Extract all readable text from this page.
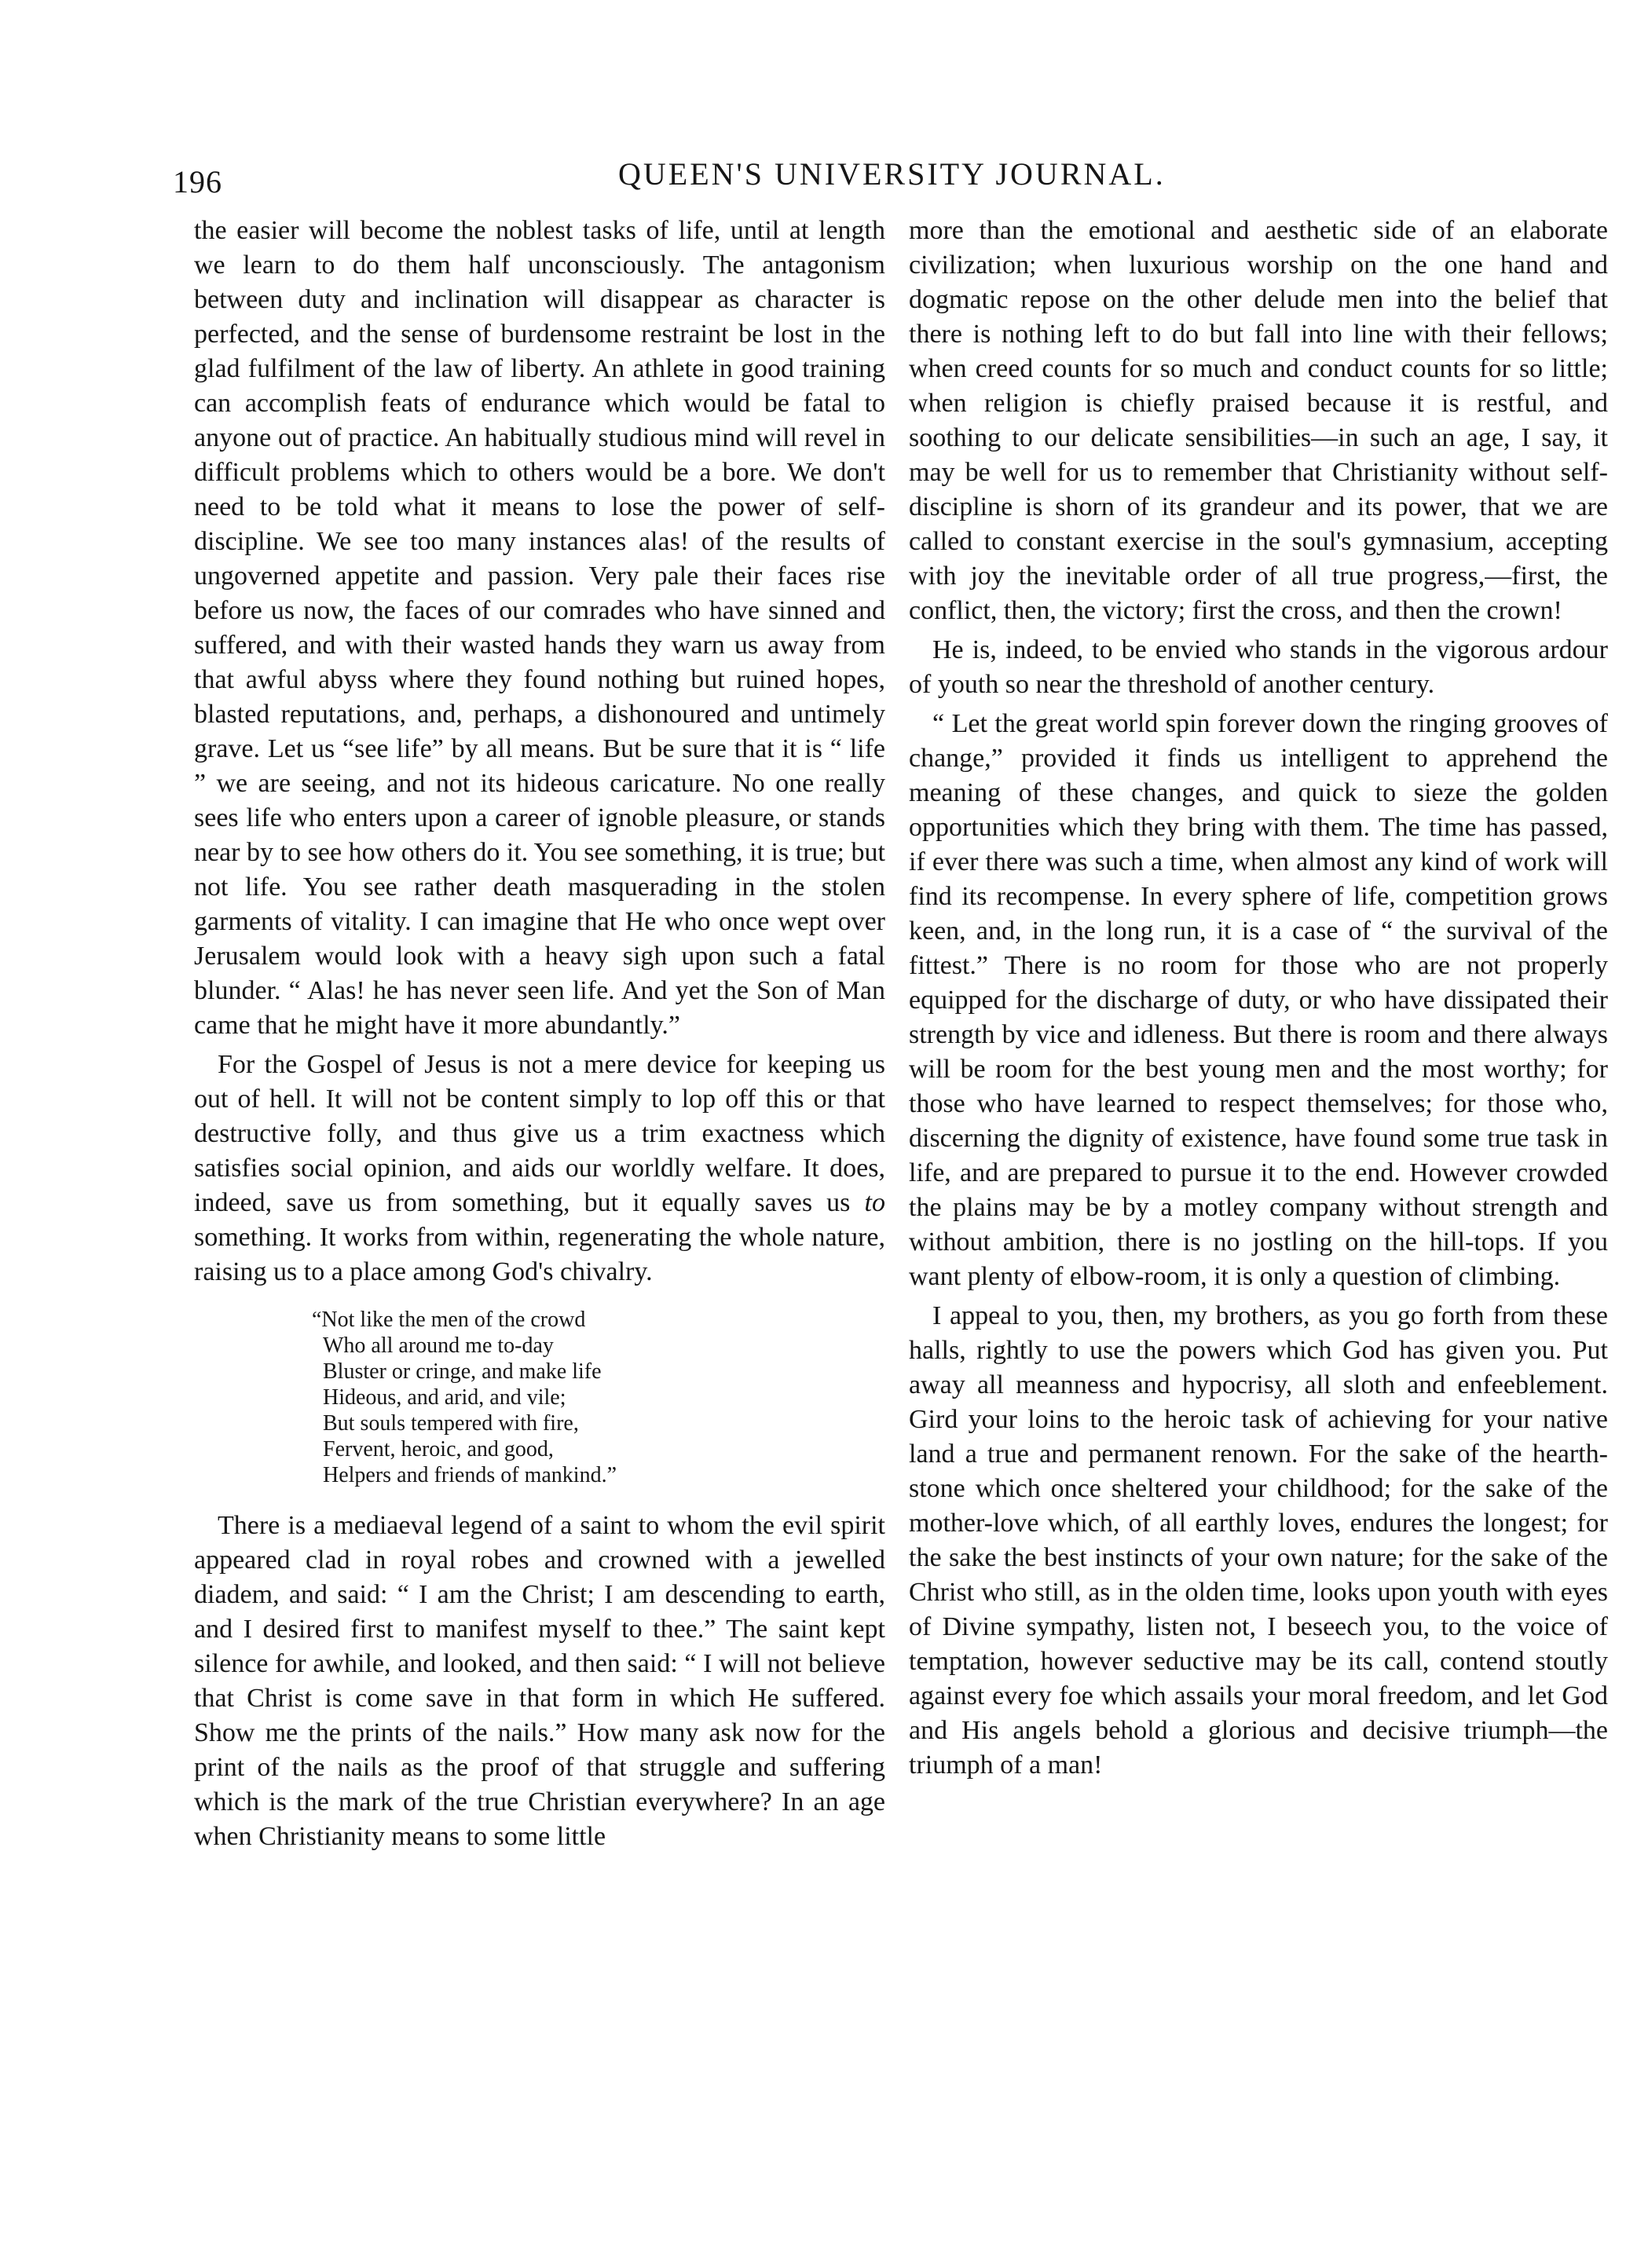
196	QUEEN'S UNIVERSITY JOURNAL.

the easier will become the noblest tasks of life, until at length we learn to do them half unconsciously. The antagonism between duty and inclination will disappear as character is perfected, and the sense of burdensome restraint be lost in the glad fulfilment of the law of liberty. An athlete in good training can accomplish feats of endurance which would be fatal to anyone out of practice. An habitually studious mind will revel in difficult problems which to others would be a bore. We don't need to be told what it means to lose the power of self-discipline. We see too many instances alas! of the results of ungoverned appetite and passion. Very pale their faces rise before us now, the faces of our comrades who have sinned and suffered, and with their wasted hands they warn us away from that awful abyss where they found nothing but ruined hopes, blasted reputations, and, perhaps, a dishonoured and untimely grave. Let us “see life” by all means. But be sure that it is “ life ” we are seeing, and not its hideous caricature. No one really sees life who enters upon a career of ignoble pleasure, or stands near by to see how others do it. You see something, it is true; but not life. You see rather death masquerading in the stolen garments of vitality. I can imagine that He who once wept over Jerusalem would look with a heavy sigh upon such a fatal blunder. “ Alas! he has never seen life. And yet the Son of Man came that he might have it more abundantly.”

For the Gospel of Jesus is not a mere device for keeping us out of hell. It will not be content simply to lop off this or that destructive folly, and thus give us a trim exactness which satisfies social opinion, and aids our worldly welfare. It does, indeed, save us from something, but it equally saves us to something. It works from within, regenerating the whole nature, raising us to a place among God's chivalry.

“Not like the men of the crowd
Who all around me to-day
Bluster or cringe, and make life
Hideous, and arid, and vile;
But souls tempered with fire,
Fervent, heroic, and good,
Helpers and friends of mankind.”

There is a mediaeval legend of a saint to whom the evil spirit appeared clad in royal robes and crowned with a jewelled diadem, and said: “ I am the Christ; I am descending to earth, and I desired first to manifest myself to thee.” The saint kept silence for awhile, and looked, and then said: “ I will not believe that Christ is come save in that form in which He suffered. Show me the prints of the nails.” How many ask now for the print of the nails as the proof of that struggle and suffering which is the mark of the true Christian everywhere? In an age when Christianity means to some little

more than the emotional and aesthetic side of an elaborate civilization; when luxurious worship on the one hand and dogmatic repose on the other delude men into the belief that there is nothing left to do but fall into line with their fellows; when creed counts for so much and conduct counts for so little; when religion is chiefly praised because it is restful, and soothing to our delicate sensibilities—in such an age, I say, it may be well for us to remember that Christianity without self-discipline is shorn of its grandeur and its power, that we are called to constant exercise in the soul's gymnasium, accepting with joy the inevitable order of all true progress,—first, the conflict, then, the victory; first the cross, and then the crown!

He is, indeed, to be envied who stands in the vigorous ardour of youth so near the threshold of another century.

“ Let the great world spin forever down the ringing grooves of change,” provided it finds us intelligent to apprehend the meaning of these changes, and quick to sieze the golden opportunities which they bring with them. The time has passed, if ever there was such a time, when almost any kind of work will find its recompense. In every sphere of life, competition grows keen, and, in the long run, it is a case of “ the survival of the fittest.” There is no room for those who are not properly equipped for the discharge of duty, or who have dissipated their strength by vice and idleness. But there is room and there always will be room for the best young men and the most worthy; for those who have learned to respect themselves; for those who, discerning the dignity of existence, have found some true task in life, and are prepared to pursue it to the end. However crowded the plains may be by a motley company without strength and without ambition, there is no jostling on the hill-tops. If you want plenty of elbow-room, it is only a question of climbing.

I appeal to you, then, my brothers, as you go forth from these halls, rightly to use the powers which God has given you. Put away all meanness and hypocrisy, all sloth and enfeeblement. Gird your loins to the heroic task of achieving for your native land a true and permanent renown. For the sake of the hearth-stone which once sheltered your childhood; for the sake of the mother-love which, of all earthly loves, endures the longest; for the sake the best instincts of your own nature; for the sake of the Christ who still, as in the olden time, looks upon youth with eyes of Divine sympathy, listen not, I beseech you, to the voice of temptation, however seductive may be its call, contend stoutly against every foe which assails your moral freedom, and let God and His angels behold a glorious and decisive triumph—the triumph of a man!
